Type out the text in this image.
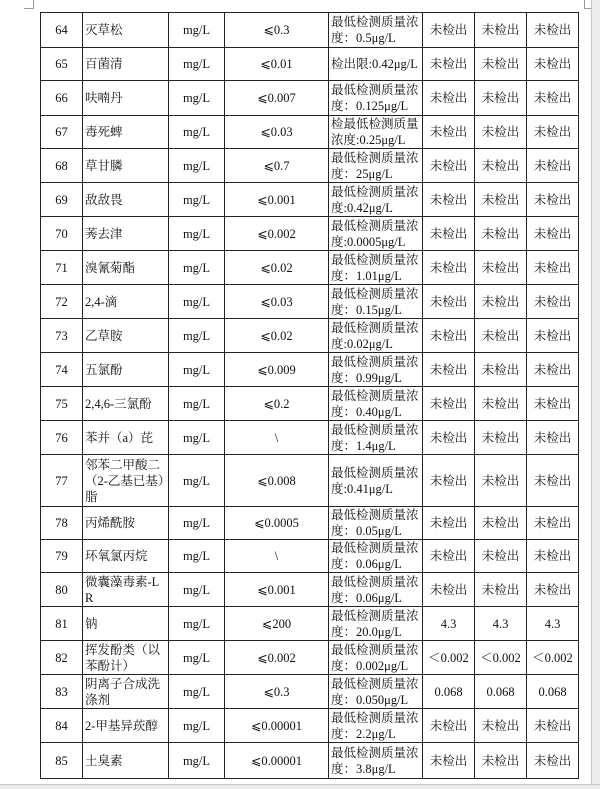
64	灭草松	mg/L	⩽0.3	最低检测质量浓度：0.5μg/L	未检出	未检出	未检出
65	百菌清	mg/L	⩽0.01	检出限:0.42μg/L	未检出	未检出	未检出
66	呋喃丹	mg/L	⩽0.007	最低检测质量浓度：0.125μg/L	未检出	未检出	未检出
67	毒死蜱	mg/L	⩽0.03	检最低检测质量浓度:0.25μg/L	未检出	未检出	未检出
68	草甘膦	mg/L	⩽0.7	最低检测质量浓度：25μg/L	未检出	未检出	未检出
69	敌敌畏	mg/L	⩽0.001	最低检测质量浓度:0.42μg/L	未检出	未检出	未检出
70	莠去津	mg/L	⩽0.002	最低检测质量浓度:0.0005μg/L	未检出	未检出	未检出
71	溴氰菊酯	mg/L	⩽0.02	最低检测质量浓度：1.01μg/L	未检出	未检出	未检出
72	2,4-滴	mg/L	⩽0.03	最低检测质量浓度：0.15μg/L	未检出	未检出	未检出
73	乙草胺	mg/L	⩽0.02	最低检测质量浓度:0.02μg/L	未检出	未检出	未检出
74	五氯酚	mg/L	⩽0.009	最低检测质量浓度：0.99μg/L	未检出	未检出	未检出
75	2,4,6-三氯酚	mg/L	⩽0.2	最低检测质量浓度：0.40μg/L	未检出	未检出	未检出
76	苯并（a）芘	mg/L	\	最低检测质量浓度：1.4μg/L	未检出	未检出	未检出
77	邻苯二甲酸二（2-乙基已基）脂	mg/L	⩽0.008	最低检测质量浓度:0.41μg/L	未检出	未检出	未检出
78	丙烯酰胺	mg/L	⩽0.0005	最低检测质量浓度：0.05μg/L	未检出	未检出	未检出
79	环氧氯丙烷	mg/L	\	最低检测质量浓度：0.06μg/L	未检出	未检出	未检出
80	微囊藻毒素-LR	mg/L	⩽0.001	最低检测质量浓度：0.06μg/L	未检出	未检出	未检出
81	钠	mg/L	⩽200	最低检测质量浓度：20.0μg/L	4.3	4.3	4.3
82	挥发酚类（以苯酚计）	mg/L	⩽0.002	最低检测质量浓度：0.002μg/L	＜0.002	＜0.002	＜0.002
83	阴离子合成洗涤剂	mg/L	⩽0.3	最低检测质量浓度：0.050μg/L	0.068	0.068	0.068
84	2-甲基异莰醇	mg/L	⩽0.00001	最低检测质量浓度：2.2μg/L	未检出	未检出	未检出
85	土臭素	mg/L	⩽0.00001	最低检测质量浓度：3.8μg/L	未检出	未检出	未检出
